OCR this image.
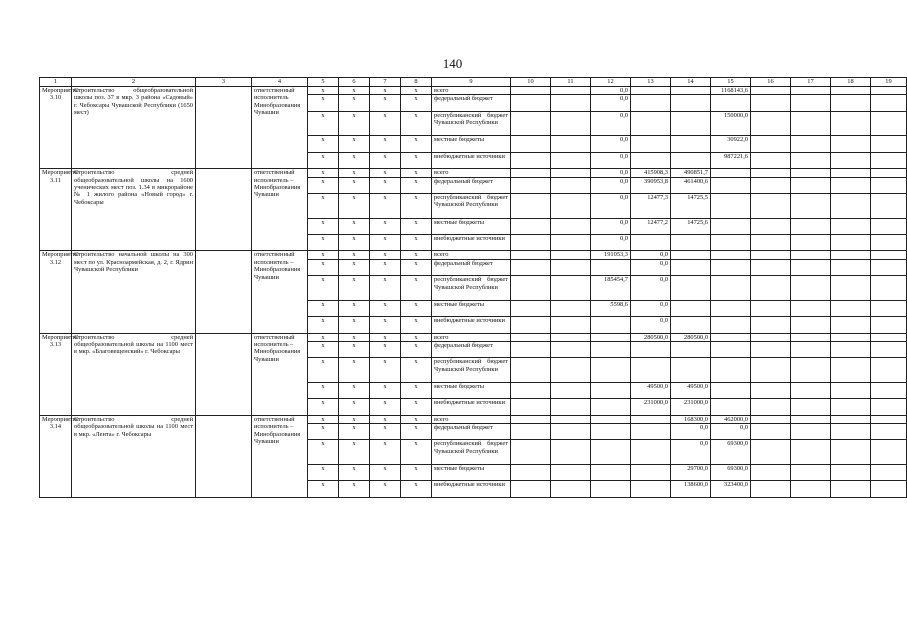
140
1	2	3	4	5	6	7	8	9	10	11	12	13	14	15	16	17	18	19
Мероприятие 3.10	Строительство общеобразовательной школы поз. 37 в мкр. 3 района «Садовый» г. Чебоксары Чувашской Республики (1650 мест)		ответственный исполнитель Минобразования Чувашии	x	x	x	x	всего			0,0			1168143,6				
				x	x	x	x	федеральный бюджет			0,0							
				x	x	x	x	республиканский бюджет Чувашской Республики			0,0			150000,0				
				x	x	x	x	местные бюджеты			0,0			30922,0				
				x	x	x	x	внебюджетные источники			0,0			987221,6				
Мероприятие 3.11	Строительство средней общеобразовательной школы на 1600 ученических мест поз. 1.34 в микрорайоне № 1 жилого района «Новый город» г. Чебоксары		ответственный исполнитель – Минобразования Чувашии	x	x	x	x	всего			0,0	415908,3	490851,7					
				x	x	x	x	федеральный бюджет			0,0	390953,8	461400,6					
				x	x	x	x	республиканский бюджет Чувашской Республики			0,0	12477,3	14725,5					
				x	x	x	x	местные бюджеты			0,0	12477,2	14725,6					
				x	x	x	x	внебюджетные источники			0,0							
Мероприятие 3.12	Строительство начальной школы на 300 мест по ул. Красноармейская, д. 2, г. Ядрин Чувашской Республики		ответственный исполнитель – Минобразования Чувашии	x	x	x	x	всего			191053,3	0,0						
				x	x	x	x	федеральный бюджет				0,0						
				x	x	x	x	республиканский бюджет Чувашской Республики			185454,7	0,0						
				x	x	x	x	местные бюджеты			5598,6	0,0						
				x	x	x	x	внебюджетные источники				0,0						
Мероприятие 3.13	Строительство средней общеобразовательной школы на 1100 мест в мкр. «Благовещенский» г. Чебоксары		ответственный исполнитель – Минобразования Чувашии	x	x	x	x	всего				280500,0	280500,0					
				x	x	x	x	федеральный бюджет										
				x	x	x	x	республиканский бюджет Чувашской Республики										
				x	x	x	x	местные бюджеты				49500,0	49500,0					
				x	x	x	x	внебюджетные источники				231000,0	231000,0					
Мероприятие 3.14	Строительство средней общеобразовательной школы на 1100 мест в мкр. «Лента» г. Чебоксары		ответственный исполнитель – Минобразования Чувашии	x	x	x	x	всего					168300,0	462000,0				
				x	x	x	x	федеральный бюджет					0,0	0,0				
				x	x	x	x	республиканский бюджет Чувашской Республики					0,0	69300,0				
				x	x	x	x	местные бюджеты					29700,0	69300,0				
				x	x	x	x	внебюджетные источники					138600,0	323400,0				
